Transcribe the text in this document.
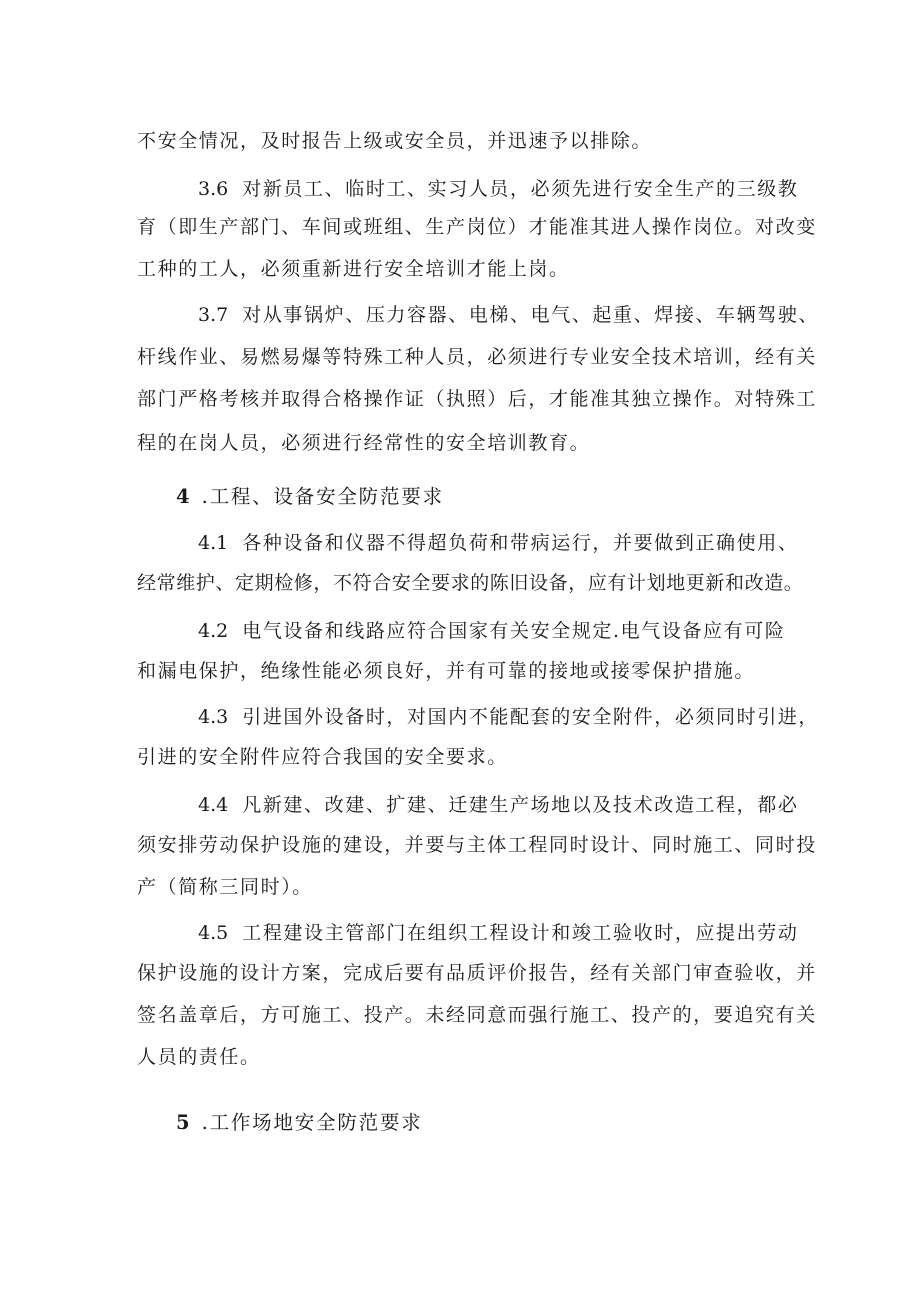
不安全情况，及时报告上级或安全员，并迅速予以排除。
3.6 对新员工、临时工、实习人员，必须先进行安全生产的三级教
育（即生产部门、车间或班组、生产岗位）才能准其进人操作岗位。对改变
工种的工人，必须重新进行安全培训才能上岗。
3.7 对从事锅炉、压力容器、电梯、电气、起重、焊接、车辆驾驶、
杆线作业、易燃易爆等特殊工种人员，必须进行专业安全技术培训，经有关
部门严格考核并取得合格操作证（执照）后，才能准其独立操作。对特殊工
程的在岗人员，必须进行经常性的安全培训教育。
4 .工程、设备安全防范要求
4.1 各种设备和仪器不得超负荷和带病运行，并要做到正确使用、
经常维护、定期检修，不符合安全要求的陈旧设备，应有计划地更新和改造。
4.2 电气设备和线路应符合国家有关安全规定.电气设备应有可险
和漏电保护，绝缘性能必须良好，并有可靠的接地或接零保护措施。
4.3 引进国外设备时，对国内不能配套的安全附件，必须同时引进，
引进的安全附件应符合我国的安全要求。
4.4 凡新建、改建、扩建、迁建生产场地以及技术改造工程，都必
须安排劳动保护设施的建设，并要与主体工程同时设计、同时施工、同时投
产（简称三同时）。
4.5 工程建设主管部门在组织工程设计和竣工验收时，应提出劳动
保护设施的设计方案，完成后要有品质评价报告，经有关部门审查验收，并
签名盖章后，方可施工、投产。未经同意而强行施工、投产的，要追究有关
人员的责任。
5 .工作场地安全防范要求
